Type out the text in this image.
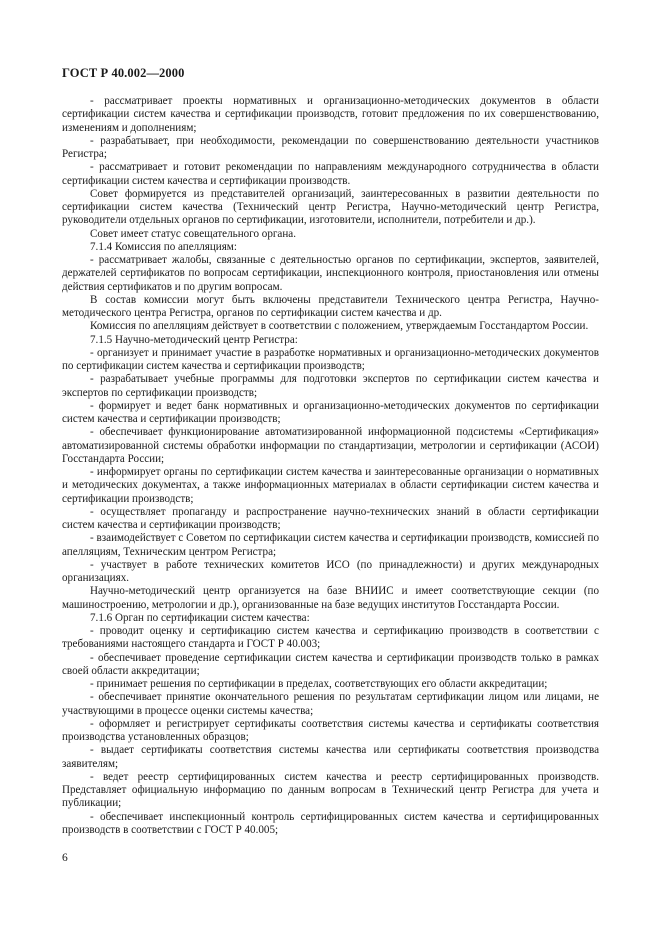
ГОСТ Р 40.002—2000

- рассматривает проекты нормативных и организационно-методических документов в области сертификации систем качества и сертификации производств, готовит предложения по их совершенствованию, изменениям и дополнениям;

- разрабатывает, при необходимости, рекомендации по совершенствованию деятельности участников Регистра;

- рассматривает и готовит рекомендации по направлениям международного сотрудничества в области сертификации систем качества и сертификации производств.

Совет формируется из представителей организаций, заинтересованных в развитии деятельности по сертификации систем качества (Технический центр Регистра, Научно-методический центр Регистра, руководители отдельных органов по сертификации, изготовители, исполнители, потребители и др.).

Совет имеет статус совещательного органа.

7.1.4 Комиссия по апелляциям:

- рассматривает жалобы, связанные с деятельностью органов по сертификации, экспертов, заявителей, держателей сертификатов по вопросам сертификации, инспекционного контроля, приостановления или отмены действия сертификатов и по другим вопросам.

В состав комиссии могут быть включены представители Технического центра Регистра, Научно-методического центра Регистра, органов по сертификации систем качества и др.

Комиссия по апелляциям действует в соответствии с положением, утверждаемым Госстандартом России.

7.1.5 Научно-методический центр Регистра:

- организует и принимает участие в разработке нормативных и организационно-методических документов по сертификации систем качества и сертификации производств;

- разрабатывает учебные программы для подготовки экспертов по сертификации систем качества и экспертов по сертификации производств;

- формирует и ведет банк нормативных и организационно-методических документов по сертификации систем качества и сертификации производств;

- обеспечивает функционирование автоматизированной информационной подсистемы «Сертификация» автоматизированной системы обработки информации по стандартизации, метрологии и сертификации (АСОИ) Госстандарта России;

- информирует органы по сертификации систем качества и заинтересованные организации о нормативных и методических документах, а также информационных материалах в области сертификации систем качества и сертификации производств;

- осуществляет пропаганду и распространение научно-технических знаний в области сертификации систем качества и сертификации производств;

- взаимодействует с Советом по сертификации систем качества и сертификации производств, комиссией по апелляциям, Техническим центром Регистра;

- участвует в работе технических комитетов ИСО (по принадлежности) и других международных организациях.

Научно-методический центр организуется на базе ВНИИС и имеет соответствующие секции (по машиностроению, метрологии и др.), организованные на базе ведущих институтов Госстандарта России.

7.1.6 Орган по сертификации систем качества:

- проводит оценку и сертификацию систем качества и сертификацию производств в соответствии с требованиями настоящего стандарта и ГОСТ Р 40.003;

- обеспечивает проведение сертификации систем качества и сертификации производств только в рамках своей области аккредитации;

- принимает решения по сертификации в пределах, соответствующих его области аккредитации;

- обеспечивает принятие окончательного решения по результатам сертификации лицом или лицами, не участвующими в процессе оценки системы качества;

- оформляет и регистрирует сертификаты соответствия системы качества и сертификаты соответствия производства установленных образцов;

- выдает сертификаты соответствия системы качества или сертификаты соответствия производства заявителям;

- ведет реестр сертифицированных систем качества и реестр сертифицированных производств. Представляет официальную информацию по данным вопросам в Технический центр Регистра для учета и публикации;

- обеспечивает инспекционный контроль сертифицированных систем качества и сертифицированных производств в соответствии с ГОСТ Р 40.005;

6
